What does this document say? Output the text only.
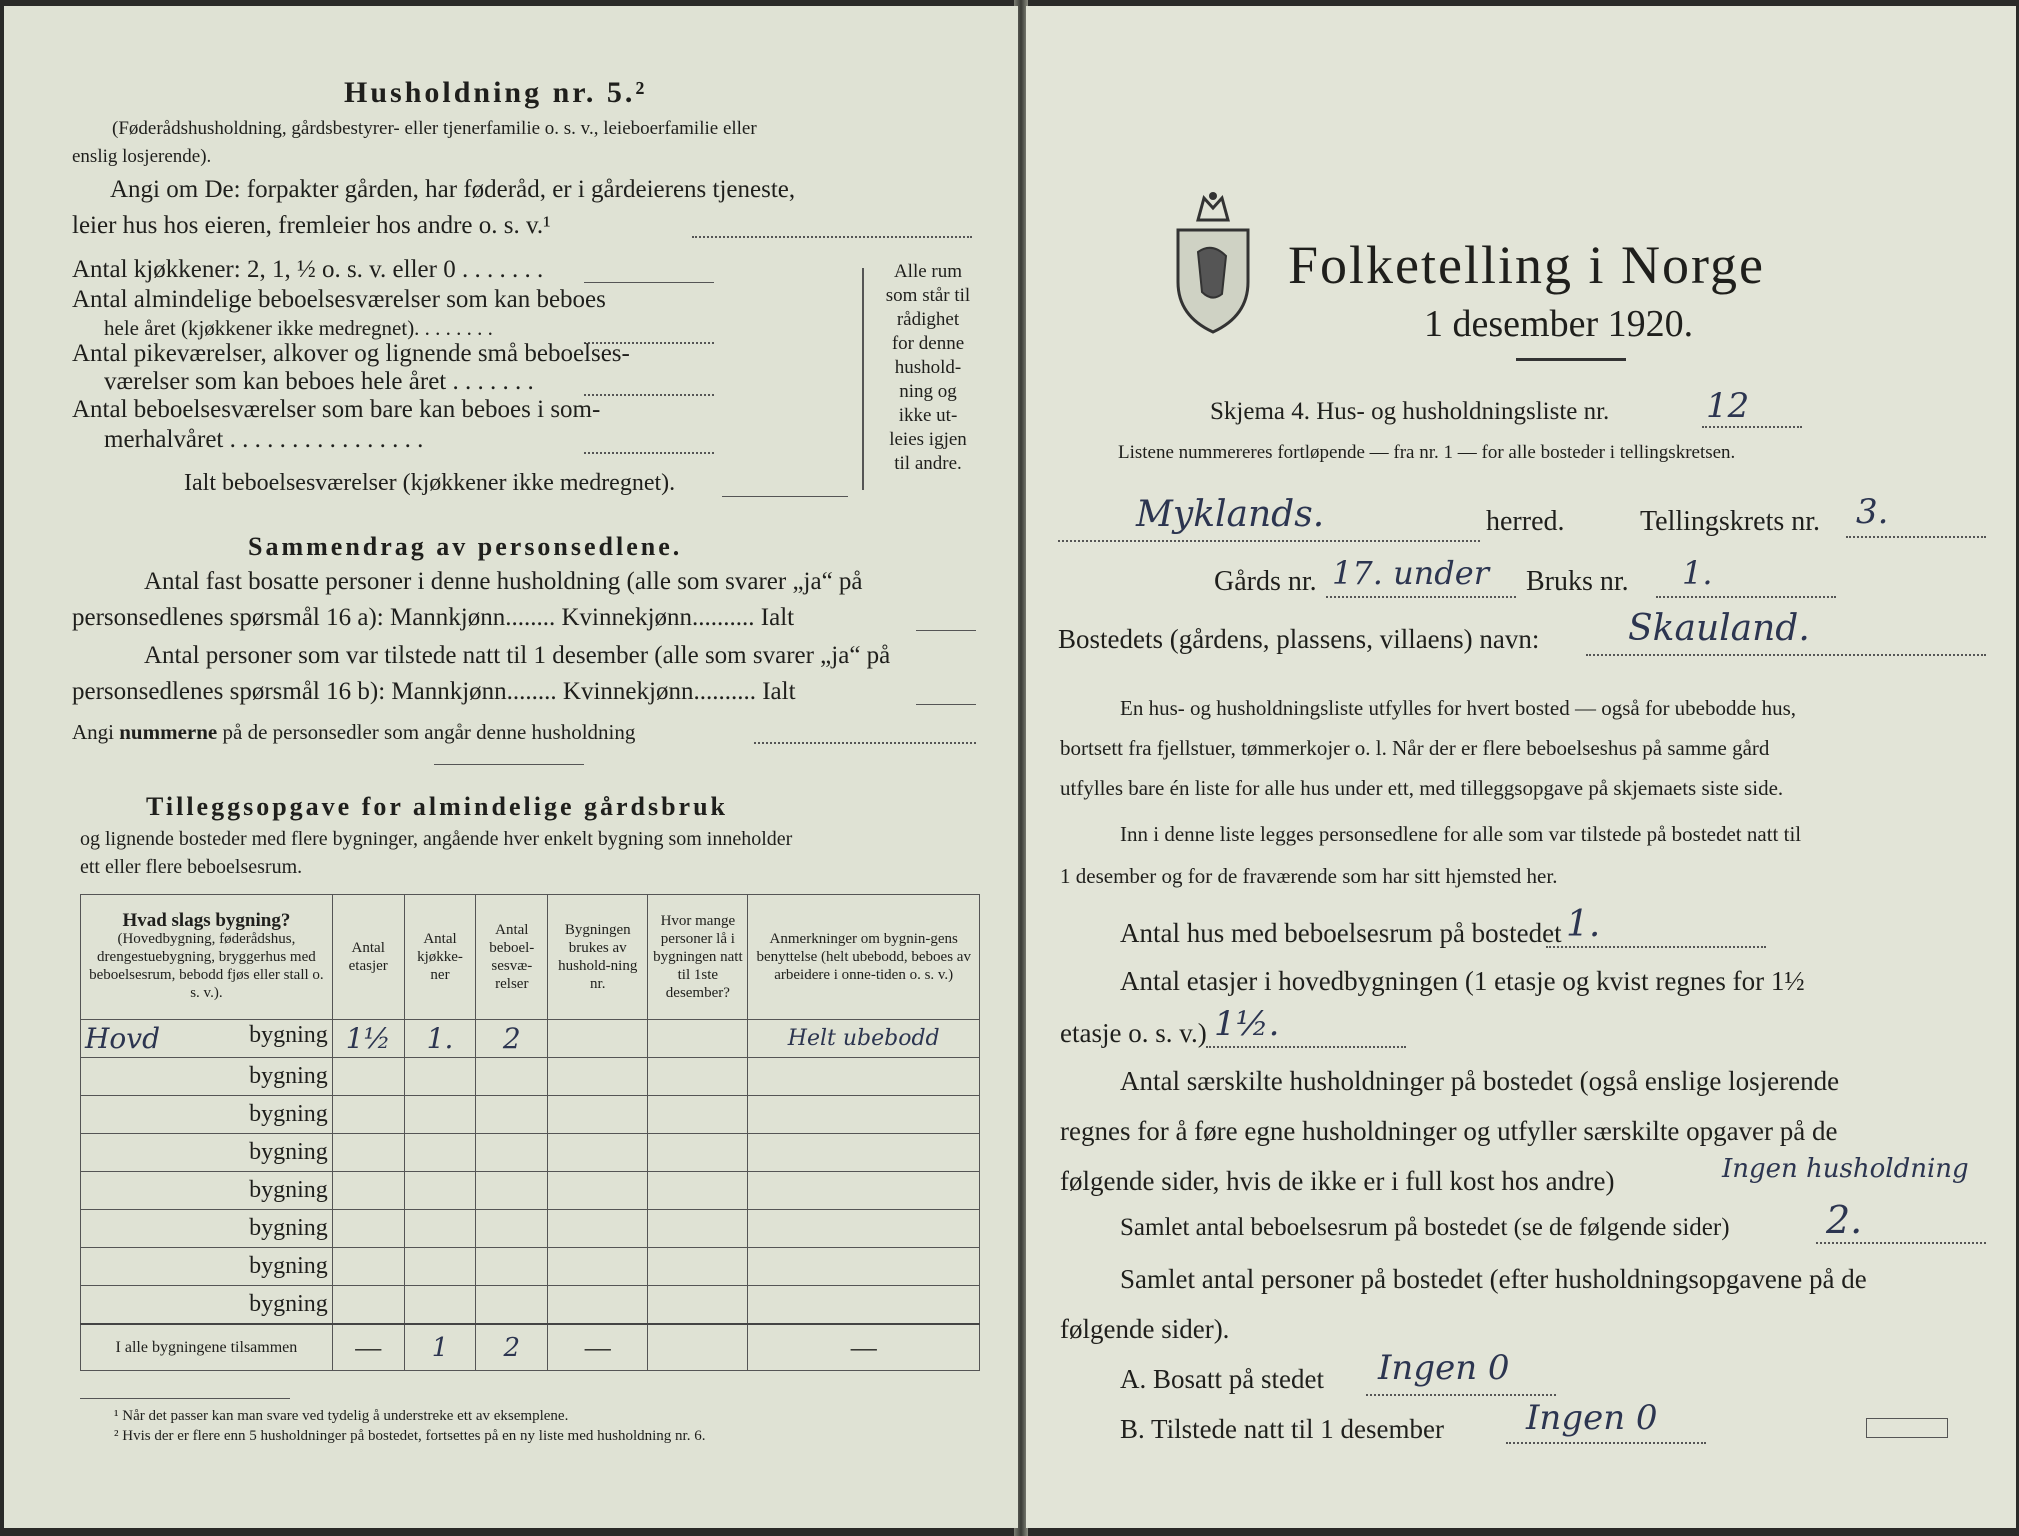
Husholdning nr. 5.²
(Føderådshusholdning, gårdsbestyrer- eller tjenerfamilie o. s. v., leieboerfamilie eller
enslig losjerende).
Angi om De: forpakter gården, har føderåd, er i gårdeierens tjeneste,
leier hus hos eieren, fremleier hos andre o. s. v.¹
Antal kjøkkener: 2, 1, ½ o. s. v. eller 0 . . . . . . .
Antal almindelige beboelsesværelser som kan beboes
hele året (kjøkkener ikke medregnet). . . . . . . .
Antal pikeværelser, alkover og lignende små beboelses-
værelser som kan beboes hele året . . . . . . .
Antal beboelsesværelser som bare kan beboes i som-
merhalvåret . . . . . . . . . . . . . . . .
Ialt beboelsesværelser (kjøkkener ikke medregnet).
Alle rum
som står til
rådighet
for denne
hushold-
ning og
ikke ut-
leies igjen
til andre.
Sammendrag av personsedlene.
Antal fast bosatte personer i denne husholdning (alle som svarer „ja“ på
personsedlenes spørsmål 16 a): Mannkjønn........ Kvinnekjønn.......... Ialt
Antal personer som var tilstede natt til 1 desember (alle som svarer „ja“ på
personsedlenes spørsmål 16 b): Mannkjønn........ Kvinnekjønn.......... Ialt
Angi nummerne på de personsedler som angår denne husholdning
Tilleggsopgave for almindelige gårdsbruk
og lignende bosteder med flere bygninger, angående hver enkelt bygning som inneholder
ett eller flere beboelsesrum.
Hvad slags bygning?
(Hovedbygning, føderådshus, drengestuebygning, bryggerhus med beboelsesrum, bebodd fjøs eller stall o. s. v.).	Antal etasjer	Antal kjøkke-ner	Antal beboel-sesvæ-relser	Bygningen brukes av hushold-ning nr.	Hvor mange personer lå i bygningen natt til 1ste desember?	Anmerkninger om bygnin-gens benyttelse (helt ubebodd, beboes av arbeidere i onne-tiden o. s. v.)

Hovd bygning	1½	1.	2			Helt ubebodd

bygning						

bygning						

bygning						

bygning						

bygning						

bygning						

bygning						
I alle bygningene tilsammen	—	1	2	—		—
¹ Når det passer kan man svare ved tydelig å understreke ett av eksemplene.
² Hvis der er flere enn 5 husholdninger på bostedet, fortsettes på en ny liste med husholdning nr. 6.
Folketelling i Norge
1 desember 1920.
Skjema 4. Hus- og husholdningsliste nr.	12
Listene nummereres fortløpende — fra nr. 1 — for alle bosteder i tellingskretsen.
Myklands.	herred.	Tellingskrets nr. 3.
Gårds nr. 17. under Bruks nr. 1.
Bostedets (gårdens, plassens, villaens) navn: Skauland.
En hus- og husholdningsliste utfylles for hvert bosted — også for ubebodde hus,
bortsett fra fjellstuer, tømmerkojer o. l. Når der er flere beboelseshus på samme gård
utfylles bare én liste for alle hus under ett, med tilleggsopgave på skjemaets siste side.
Inn i denne liste legges personsedlene for alle som var tilstede på bostedet natt til
1 desember og for de fraværende som har sitt hjemsted her.
Antal hus med beboelsesrum på bostedet 1.
Antal etasjer i hovedbygningen (1 etasje og kvist regnes for 1½
etasje o. s. v.) 1½.
Antal særskilte husholdninger på bostedet (også enslige losjerende
regnes for å føre egne husholdninger og utfyller særskilte opgaver på de
følgende sider, hvis de ikke er i full kost hos andre)	Ingen husholdning
Samlet antal beboelsesrum på bostedet (se de følgende sider)	2.
Samlet antal personer på bostedet (efter husholdningsopgavene på de
følgende sider).
A. Bosatt på stedet Ingen 0
B. Tilstede natt til 1 desember Ingen 0
